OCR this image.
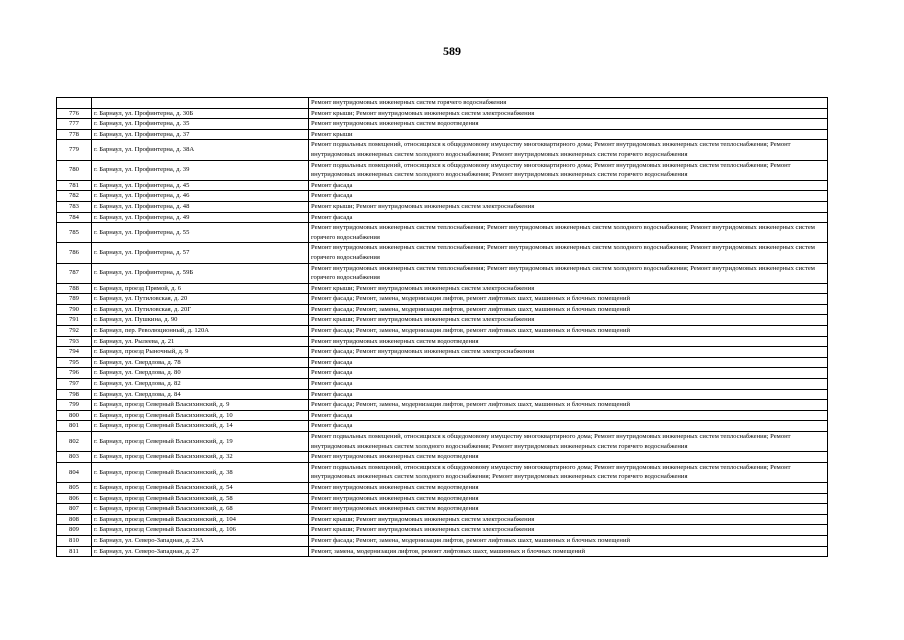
589
		Ремонт внутридомовых инженерных систем горячего водоснабжения
776	г. Барнаул, ул. Профинтерна, д. 30Б	Ремонт крыши; Ремонт внутридомовых инженерных систем электроснабжения
777	г. Барнаул, ул. Профинтерна, д. 35	Ремонт внутридомовых инженерных систем водоотведения
778	г. Барнаул, ул. Профинтерна, д. 37	Ремонт крыши
779	г. Барнаул, ул. Профинтерна, д. 38А	Ремонт подвальных помещений, относящихся к общедомовому имуществу многоквартирного дома; Ремонт внутридомовых инженерных систем теплоснабжения; Ремонт внутридомовых инженерных систем холодного водоснабжения; Ремонт внутридомовых инженерных систем горячего водоснабжения
780	г. Барнаул, ул. Профинтерна, д. 39	Ремонт подвальных помещений, относящихся к общедомовому имуществу многоквартирного дома; Ремонт внутридомовых инженерных систем теплоснабжения; Ремонт внутридомовых инженерных систем холодного водоснабжения; Ремонт внутридомовых инженерных систем горячего водоснабжения
781	г. Барнаул, ул. Профинтерна, д. 45	Ремонт фасада
782	г. Барнаул, ул. Профинтерна, д. 46	Ремонт фасада
783	г. Барнаул, ул. Профинтерна, д. 48	Ремонт крыши; Ремонт внутридомовых инженерных систем электроснабжения
784	г. Барнаул, ул. Профинтерна, д. 49	Ремонт фасада
785	г. Барнаул, ул. Профинтерна, д. 55	Ремонт внутридомовых инженерных систем теплоснабжения; Ремонт внутридомовых инженерных систем холодного водоснабжения; Ремонт внутридомовых инженерных систем горячего водоснабжения
786	г. Барнаул, ул. Профинтерна, д. 57	Ремонт внутридомовых инженерных систем теплоснабжения; Ремонт внутридомовых инженерных систем холодного водоснабжения; Ремонт внутридомовых инженерных систем горячего водоснабжения
787	г. Барнаул, ул. Профинтерна, д. 59Б	Ремонт внутридомовых инженерных систем теплоснабжения; Ремонт внутридомовых инженерных систем холодного водоснабжения; Ремонт внутридомовых инженерных систем горячего водоснабжения
788	г. Барнаул, проезд Прямой, д. 6	Ремонт крыши; Ремонт внутридомовых инженерных систем электроснабжения
789	г. Барнаул, ул. Путиловская, д. 20	Ремонт фасада; Ремонт, замена, модернизация лифтов, ремонт лифтовых шахт, машинных и блочных помещений
790	г. Барнаул, ул. Путиловская, д. 20Г	Ремонт фасада; Ремонт, замена, модернизация лифтов, ремонт лифтовых шахт, машинных и блочных помещений
791	г. Барнаул, ул. Пушкина, д. 90	Ремонт крыши; Ремонт внутридомовых инженерных систем электроснабжения
792	г. Барнаул, пер. Революционный, д. 120А	Ремонт фасада; Ремонт, замена, модернизация лифтов, ремонт лифтовых шахт, машинных и блочных помещений
793	г. Барнаул, ул. Рылеева, д. 21	Ремонт внутридомовых инженерных систем водоотведения
794	г. Барнаул, проезд Рыночный, д. 9	Ремонт фасада; Ремонт внутридомовых инженерных систем электроснабжения
795	г. Барнаул, ул. Свердлова, д. 78	Ремонт фасада
796	г. Барнаул, ул. Свердлова, д. 80	Ремонт фасада
797	г. Барнаул, ул. Свердлова, д. 82	Ремонт фасада
798	г. Барнаул, ул. Свердлова, д. 84	Ремонт фасада
799	г. Барнаул, проезд Северный Власихинский, д. 9	Ремонт фасада; Ремонт, замена, модернизация лифтов, ремонт лифтовых шахт, машинных и блочных помещений
800	г. Барнаул, проезд Северный Власихинский, д. 10	Ремонт фасада
801	г. Барнаул, проезд Северный Власихинский, д. 14	Ремонт фасада
802	г. Барнаул, проезд Северный Власихинский, д. 19	Ремонт подвальных помещений, относящихся к общедомовому имуществу многоквартирного дома; Ремонт внутридомовых инженерных систем теплоснабжения; Ремонт внутридомовых инженерных систем холодного водоснабжения; Ремонт внутридомовых инженерных систем горячего водоснабжения
803	г. Барнаул, проезд Северный Власихинский, д. 32	Ремонт внутридомовых инженерных систем водоотведения
804	г. Барнаул, проезд Северный Власихинский, д. 38	Ремонт подвальных помещений, относящихся к общедомовому имуществу многоквартирного дома; Ремонт внутридомовых инженерных систем теплоснабжения; Ремонт внутридомовых инженерных систем холодного водоснабжения; Ремонт внутридомовых инженерных систем горячего водоснабжения
805	г. Барнаул, проезд Северный Власихинский, д. 54	Ремонт внутридомовых инженерных систем водоотведения
806	г. Барнаул, проезд Северный Власихинский, д. 58	Ремонт внутридомовых инженерных систем водоотведения
807	г. Барнаул, проезд Северный Власихинский, д. 68	Ремонт внутридомовых инженерных систем водоотведения
808	г. Барнаул, проезд Северный Власихинский, д. 104	Ремонт крыши; Ремонт внутридомовых инженерных систем электроснабжения
809	г. Барнаул, проезд Северный Власихинский, д. 106	Ремонт крыши; Ремонт внутридомовых инженерных систем электроснабжения
810	г. Барнаул, ул. Северо-Западная, д. 23А	Ремонт фасада; Ремонт, замена, модернизация лифтов, ремонт лифтовых шахт, машинных и блочных помещений
811	г. Барнаул, ул. Северо-Западная, д. 27	Ремонт, замена, модернизация лифтов, ремонт лифтовых шахт, машинных и блочных помещений
